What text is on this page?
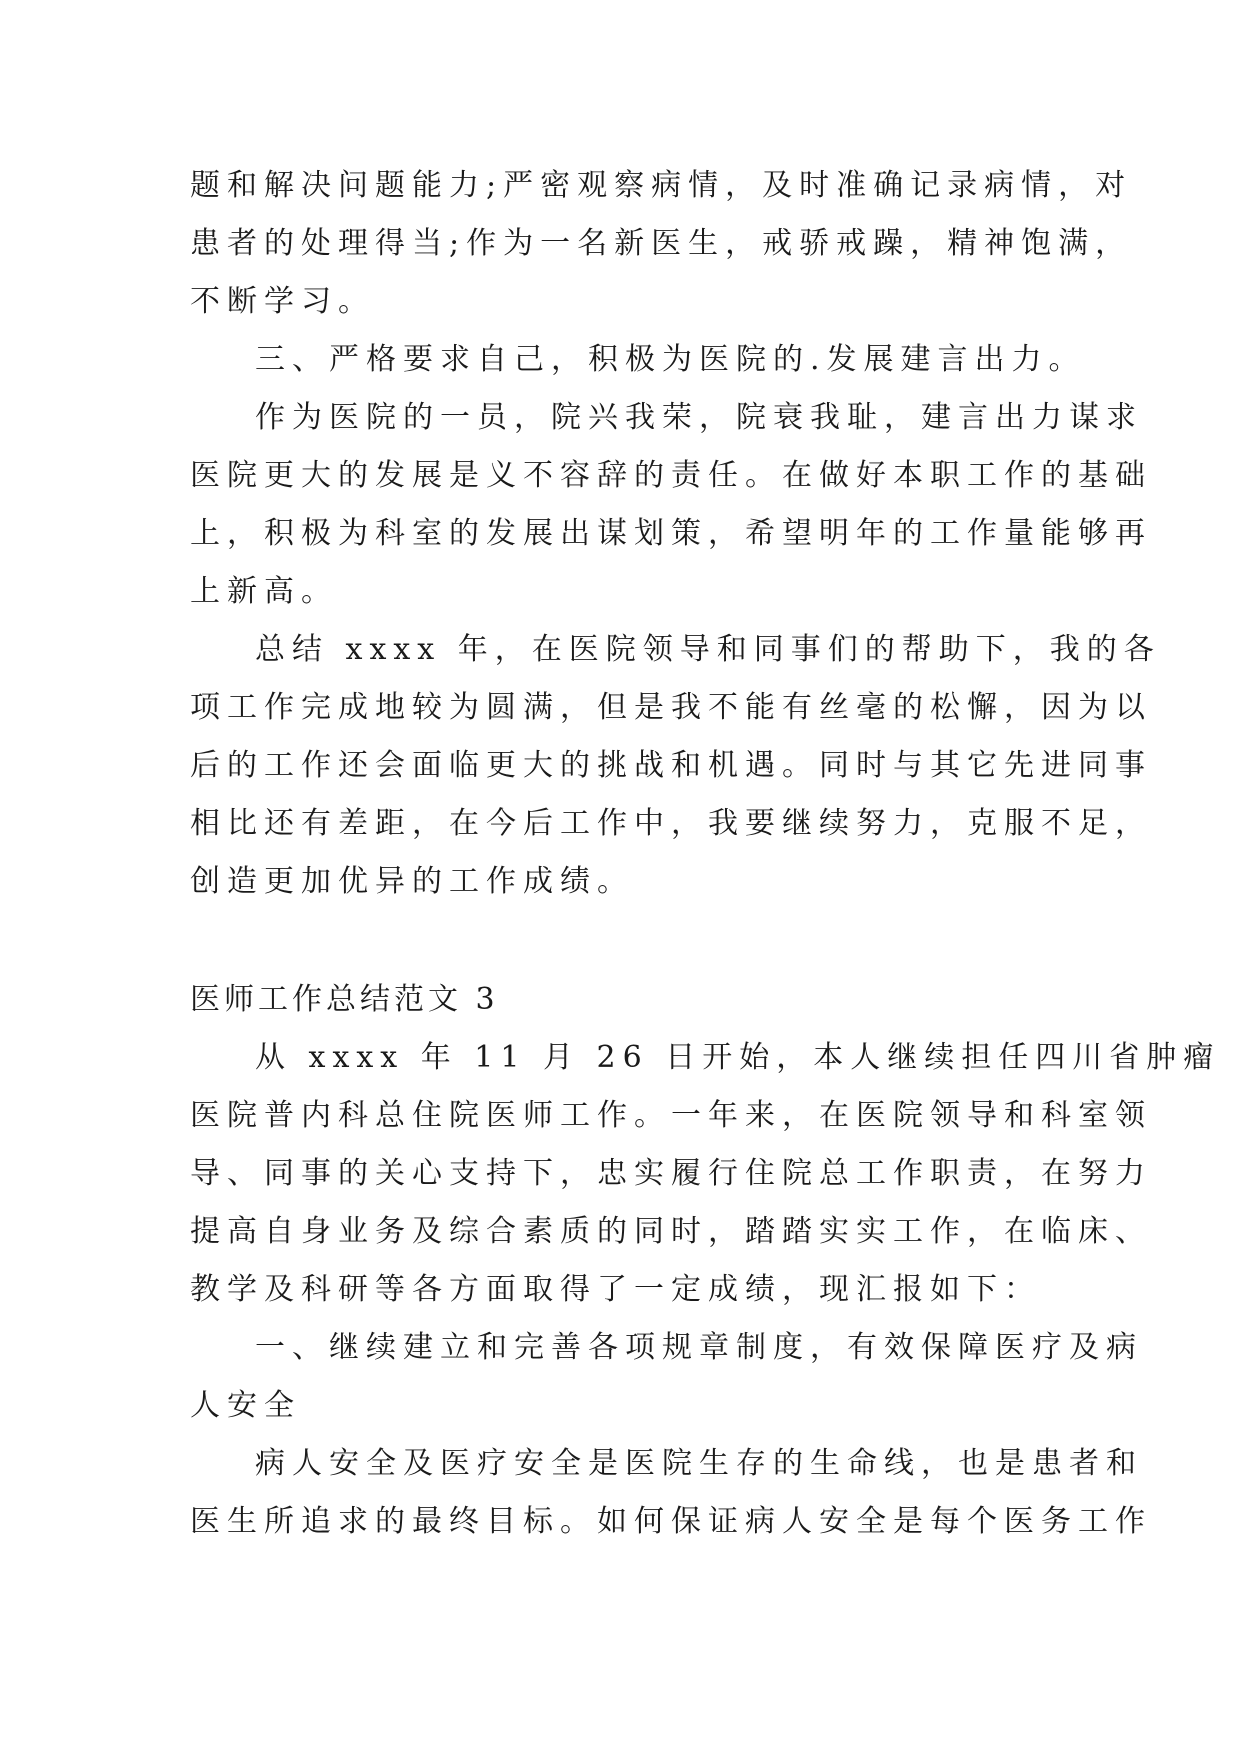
题和解决问题能力;严密观察病情，及时准确记录病情，对
患者的处理得当;作为一名新医生，戒骄戒躁，精神饱满，
不断学习。
三、严格要求自己，积极为医院的.发展建言出力。
作为医院的一员，院兴我荣，院衰我耻，建言出力谋求
医院更大的发展是义不容辞的责任。在做好本职工作的基础
上，积极为科室的发展出谋划策，希望明年的工作量能够再
上新高。
总结 xxxx 年，在医院领导和同事们的帮助下，我的各
项工作完成地较为圆满，但是我不能有丝毫的松懈，因为以
后的工作还会面临更大的挑战和机遇。同时与其它先进同事
相比还有差距，在今后工作中，我要继续努力，克服不足，
创造更加优异的工作成绩。
医师工作总结范文 3
从 xxxx 年 11 月 26 日开始，本人继续担任四川省肿瘤
医院普内科总住院医师工作。一年来，在医院领导和科室领
导、同事的关心支持下，忠实履行住院总工作职责，在努力
提高自身业务及综合素质的同时，踏踏实实工作，在临床、
教学及科研等各方面取得了一定成绩，现汇报如下：
一、继续建立和完善各项规章制度，有效保障医疗及病
人安全
病人安全及医疗安全是医院生存的生命线，也是患者和
医生所追求的最终目标。如何保证病人安全是每个医务工作
